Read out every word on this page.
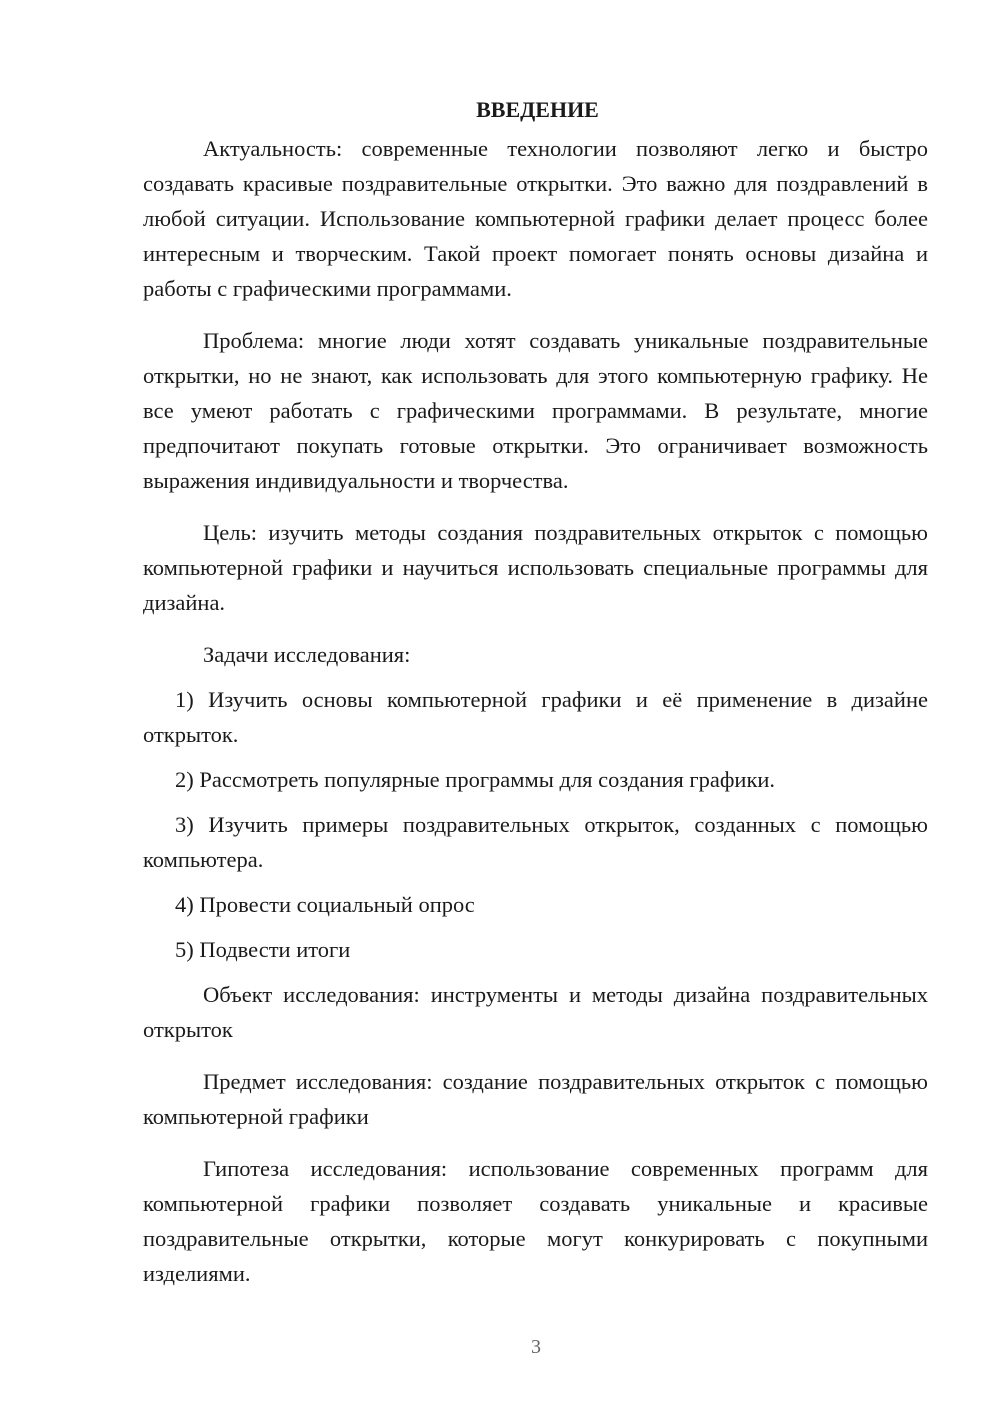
ВВЕДЕНИЕ

Актуальность: современные технологии позволяют легко и быстро создавать красивые поздравительные открытки. Это важно для поздравлений в любой ситуации. Использование компьютерной графики делает процесс более интересным и творческим. Такой проект помогает понять основы дизайна и работы с графическими программами.

Проблема: многие люди хотят создавать уникальные поздравительные открытки, но не знают, как использовать для этого компьютерную графику. Не все умеют работать с графическими программами. В результате, многие предпочитают покупать готовые открытки. Это ограничивает возможность выражения индивидуальности и творчества.

Цель: изучить методы создания поздравительных открыток с помощью компьютерной графики и научиться использовать специальные программы для дизайна.

Задачи исследования:

1) Изучить основы компьютерной графики и её применение в дизайне открыток.

2) Рассмотреть популярные программы для создания графики.

3) Изучить примеры поздравительных открыток, созданных с помощью компьютера.

4) Провести социальный опрос

5) Подвести итоги

Объект исследования: инструменты и методы дизайна поздравительных открыток

Предмет исследования: создание поздравительных открыток с помощью компьютерной графики

Гипотеза исследования: использование современных программ для компьютерной графики позволяет создавать уникальные и красивые поздравительные открытки, которые могут конкурировать с покупными изделиями.

3
